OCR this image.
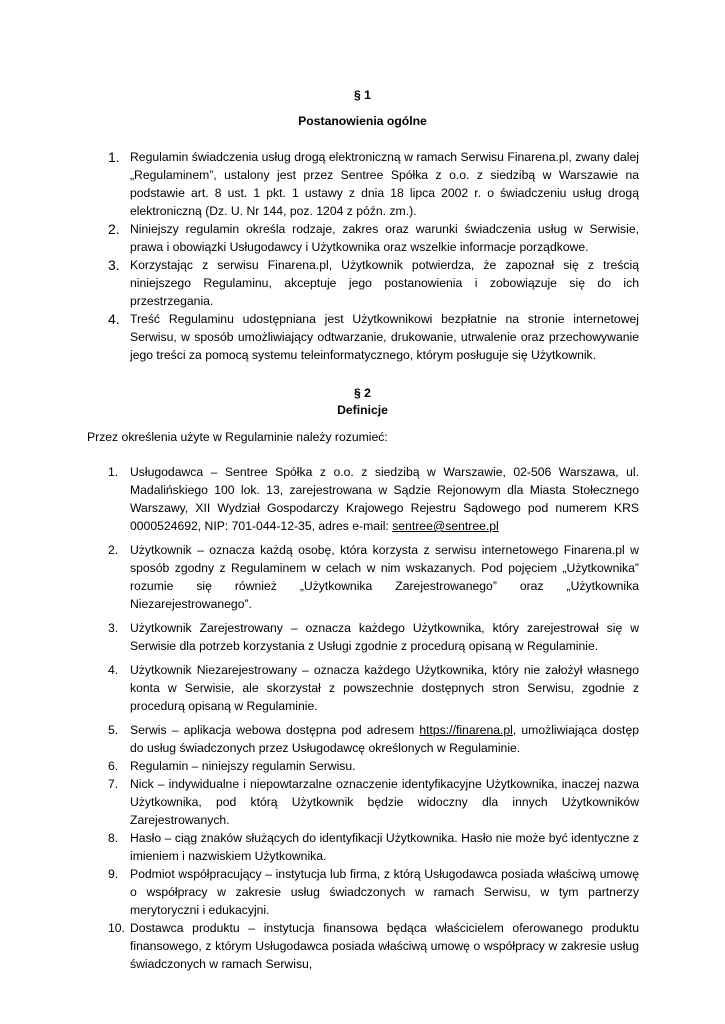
§ 1
Postanowienia ogólne
1. Regulamin świadczenia usług drogą elektroniczną w ramach Serwisu Finarena.pl, zwany dalej „Regulaminem”, ustalony jest przez Sentree Spółka z o.o. z siedzibą w Warszawie na podstawie art. 8 ust. 1 pkt. 1 ustawy z dnia 18 lipca 2002 r. o świadczeniu usług drogą elektroniczną (Dz. U. Nr 144, poz. 1204 z późn. zm.).
2. Niniejszy regulamin określa rodzaje, zakres oraz warunki świadczenia usług w Serwisie, prawa i obowiązki Usługodawcy i Użytkownika oraz wszelkie informacje porządkowe.
3. Korzystając z serwisu Finarena.pl, Użytkownik potwierdza, że zapoznał się z treścią niniejszego Regulaminu, akceptuje jego postanowienia i zobowiązuje się do ich przestrzegania.
4. Treść Regulaminu udostępniana jest Użytkownikowi bezpłatnie na stronie internetowej Serwisu, w sposób umożliwiający odtwarzanie, drukowanie, utrwalenie oraz przechowywanie jego treści za pomocą systemu teleinformatycznego, którym posługuje się Użytkownik.
§ 2
Definicje
Przez określenia użyte w Regulaminie należy rozumieć:
1. Usługodawca – Sentree Spółka z o.o. z siedzibą w Warszawie, 02-506 Warszawa, ul. Madalińskiego 100 lok. 13, zarejestrowana w Sądzie Rejonowym dla Miasta Stołecznego Warszawy, XII Wydział Gospodarczy Krajowego Rejestru Sądowego pod numerem KRS 0000524692, NIP: 701-044-12-35, adres e-mail: sentree@sentree.pl
2. Użytkownik – oznacza każdą osobę, która korzysta z serwisu internetowego Finarena.pl w sposób zgodny z Regulaminem w celach w nim wskazanych. Pod pojęciem „Użytkownika” rozumie się również „Użytkownika Zarejestrowanego” oraz „Użytkownika Niezarejestrowanego”.
3. Użytkownik Zarejestrowany – oznacza każdego Użytkownika, który zarejestrował się w Serwisie dla potrzeb korzystania z Usługi zgodnie z procedurą opisaną w Regulaminie.
4. Użytkownik Niezarejestrowany – oznacza każdego Użytkownika, który nie założył własnego konta w Serwisie, ale skorzystał z powszechnie dostępnych stron Serwisu, zgodnie z procedurą opisaną w Regulaminie.
5. Serwis – aplikacja webowa dostępna pod adresem https://finarena.pl, umożliwiająca dostęp do usług świadczonych przez Usługodawcę określonych w Regulaminie.
6. Regulamin – niniejszy regulamin Serwisu.
7. Nick – indywidualne i niepowtarzalne oznaczenie identyfikacyjne Użytkownika, inaczej nazwa Użytkownika, pod którą Użytkownik będzie widoczny dla innych Użytkowników Zarejestrowanych.
8. Hasło – ciąg znaków służących do identyfikacji Użytkownika. Hasło nie może być identyczne z imieniem i nazwiskiem Użytkownika.
9. Podmiot współpracujący – instytucja lub firma, z którą Usługodawca posiada właściwą umowę o współpracy w zakresie usług świadczonych w ramach Serwisu, w tym partnerzy merytoryczni i edukacyjni.
10. Dostawca produktu – instytucja finansowa będąca właścicielem oferowanego produktu finansowego, z którym Usługodawca posiada właściwą umowę o współpracy w zakresie usług świadczonych w ramach Serwisu,
